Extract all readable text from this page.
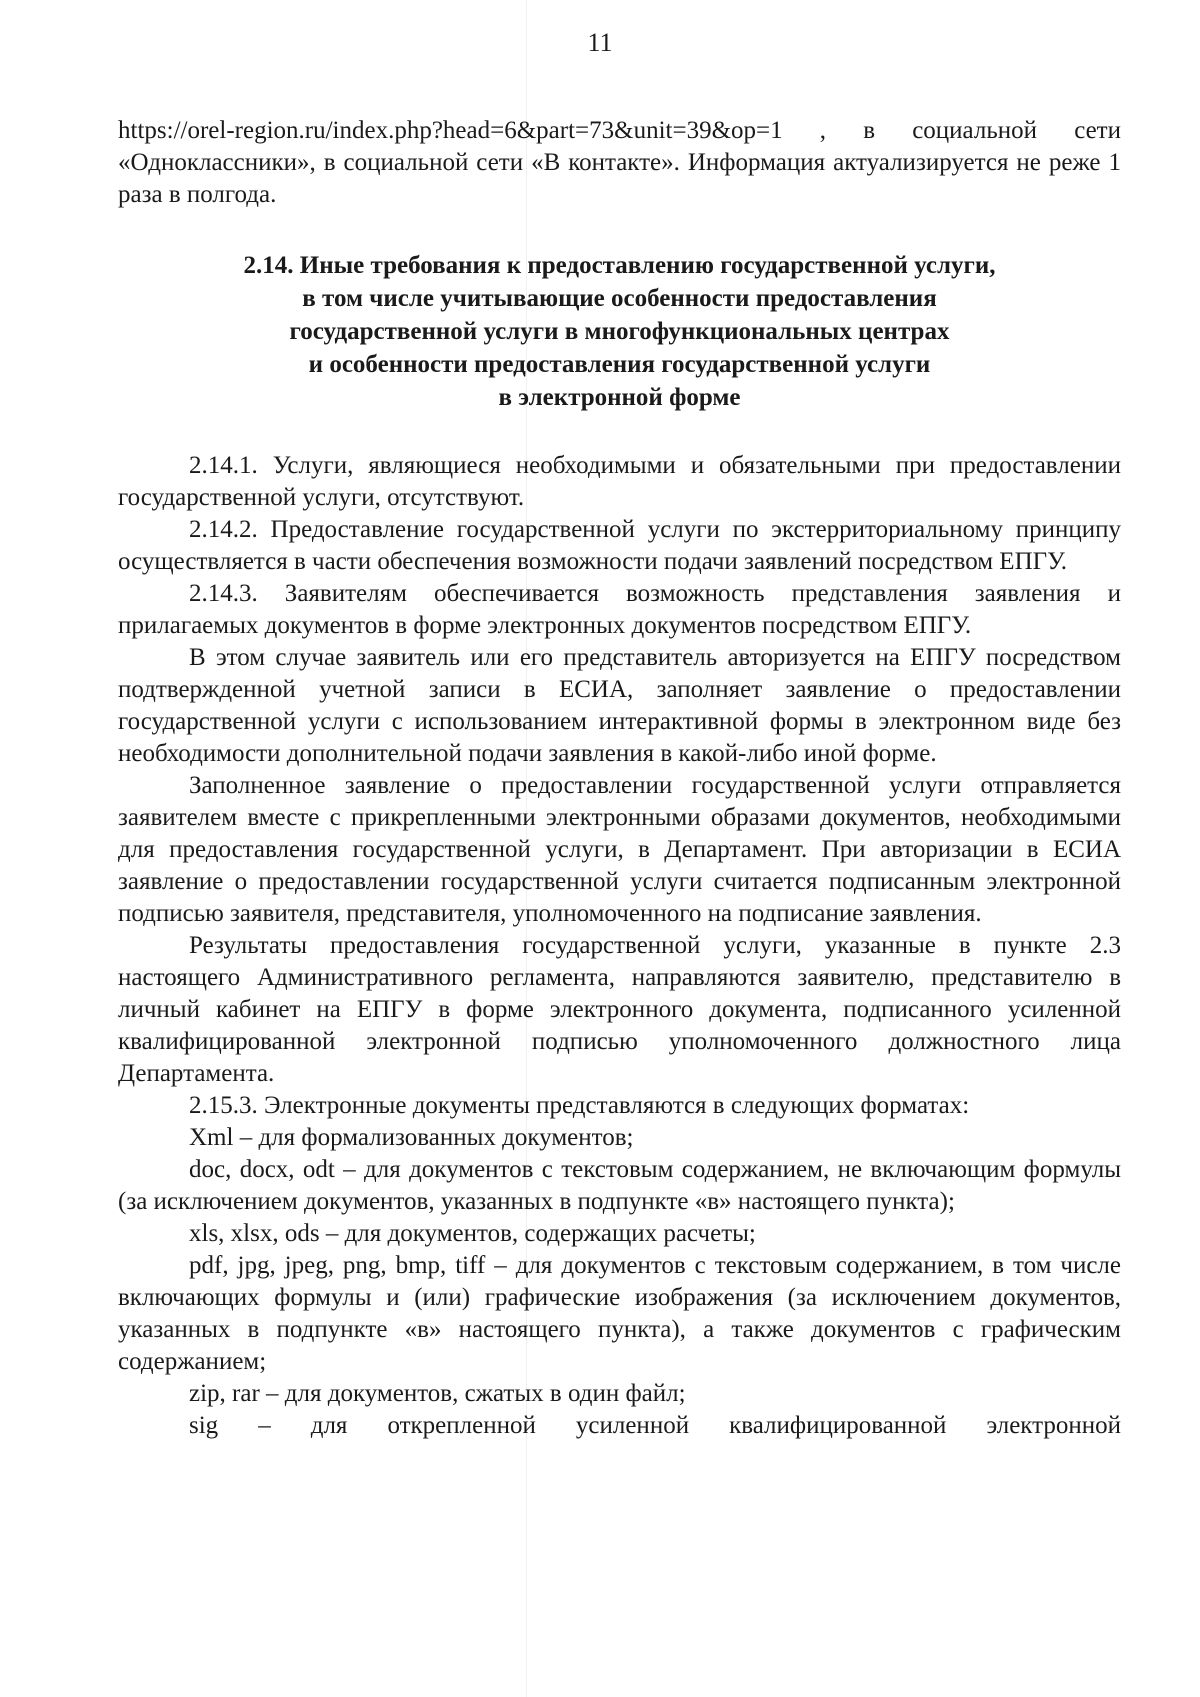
11

https://orel-region.ru/index.php?head=6&part=73&unit=39&op=1 , в социальной сети «Одноклассники», в социальной сети «В контакте». Информация актуализируется не реже 1 раза в полгода.

2.14. Иные требования к предоставлению государственной услуги,
в том числе учитывающие особенности предоставления
государственной услуги в многофункциональных центрах
и особенности предоставления государственной услуги
в электронной форме

2.14.1. Услуги, являющиеся необходимыми и обязательными при предоставлении государственной услуги, отсутствуют.

2.14.2. Предоставление государственной услуги по экстерриториальному принципу осуществляется в части обеспечения возможности подачи заявлений посредством ЕПГУ.

2.14.3. Заявителям обеспечивается возможность представления заявления и прилагаемых документов в форме электронных документов посредством ЕПГУ.

В этом случае заявитель или его представитель авторизуется на ЕПГУ посредством подтвержденной учетной записи в ЕСИА, заполняет заявление о предоставлении государственной услуги с использованием интерактивной формы в электронном виде без необходимости дополнительной подачи заявления в какой-либо иной форме.

Заполненное заявление о предоставлении государственной услуги отправляется заявителем вместе с прикрепленными электронными образами документов, необходимыми для предоставления государственной услуги, в Департамент. При авторизации в ЕСИА заявление о предоставлении государственной услуги считается подписанным электронной подписью заявителя, представителя, уполномоченного на подписание заявления.

Результаты предоставления государственной услуги, указанные в пункте 2.3 настоящего Административного регламента, направляются заявителю, представителю в личный кабинет на ЕПГУ в форме электронного документа, подписанного усиленной квалифицированной электронной подписью уполномоченного должностного лица Департамента.

2.15.3. Электронные документы представляются в следующих форматах:

Xml – для формализованных документов;

doc, docx, odt – для документов с текстовым содержанием, не включающим формулы (за исключением документов, указанных в подпункте «в» настоящего пункта);

xls, xlsx, ods – для документов, содержащих расчеты;

pdf, jpg, jpeg, png, bmp, tiff – для документов с текстовым содержанием, в том числе включающих формулы и (или) графические изображения (за исключением документов, указанных в подпункте «в» настоящего пункта), а также документов с графическим содержанием;

zip, rar – для документов, сжатых в один файл;

sig – для открепленной усиленной квалифицированной электронной
